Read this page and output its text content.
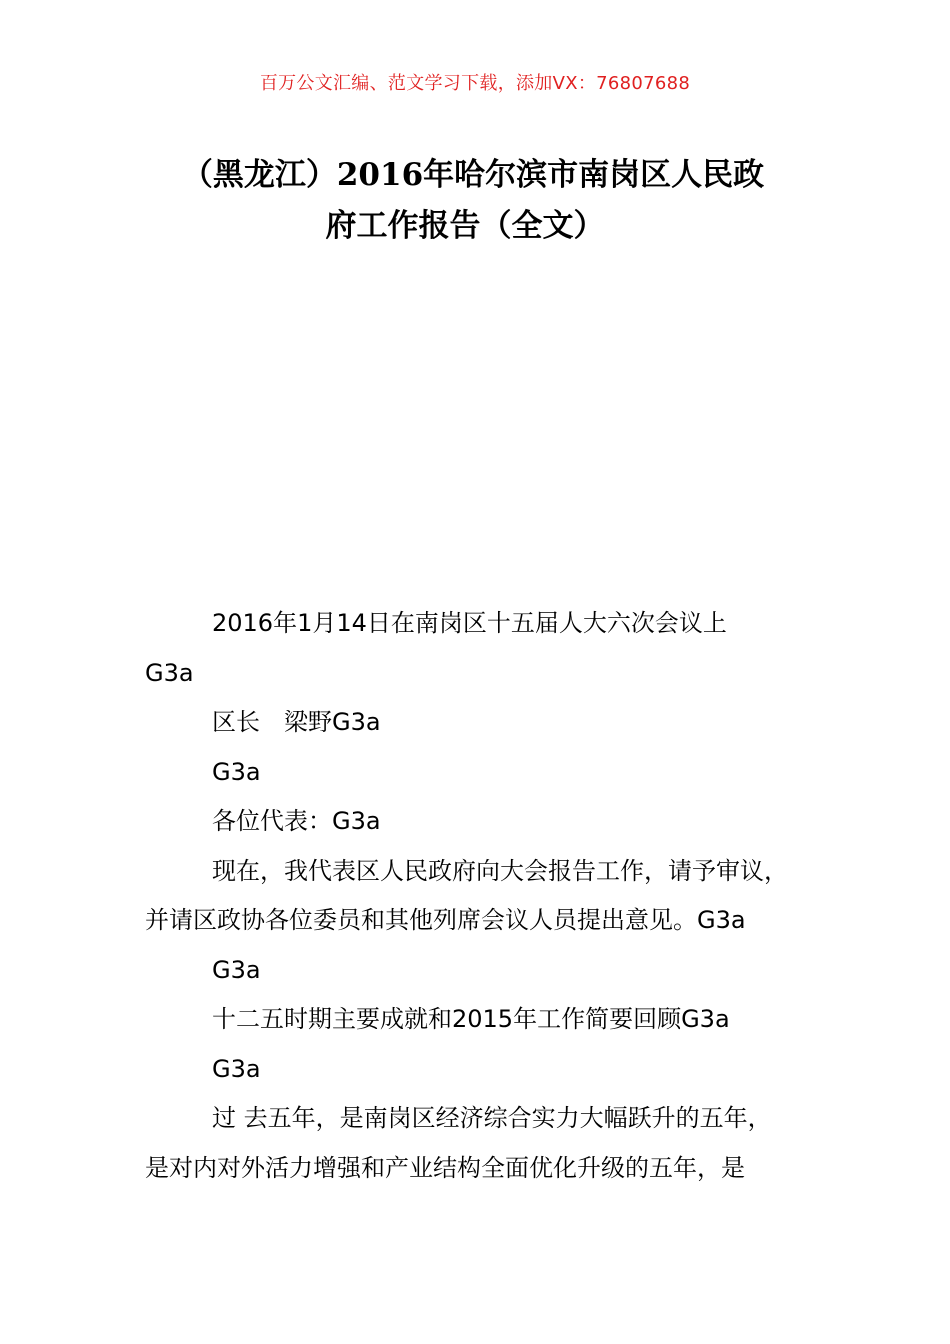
百万公文汇编、范文学习下载，添加VX：76807688
（黑龙江）2016年哈尔滨市南岗区人民政
府工作报告（全文）
2016年1月14日在南岗区十五届人大六次会议上
G3a
区长　梁野G3a
G3a
各位代表：G3a
现在，我代表区人民政府向大会报告工作，请予审议，
并请区政协各位委员和其他列席会议人员提出意见。G3a
G3a
十二五时期主要成就和2015年工作简要回顾G3a
G3a
过 去五年，是南岗区经济综合实力大幅跃升的五年，
是对内对外活力增强和产业结构全面优化升级的五年，是
